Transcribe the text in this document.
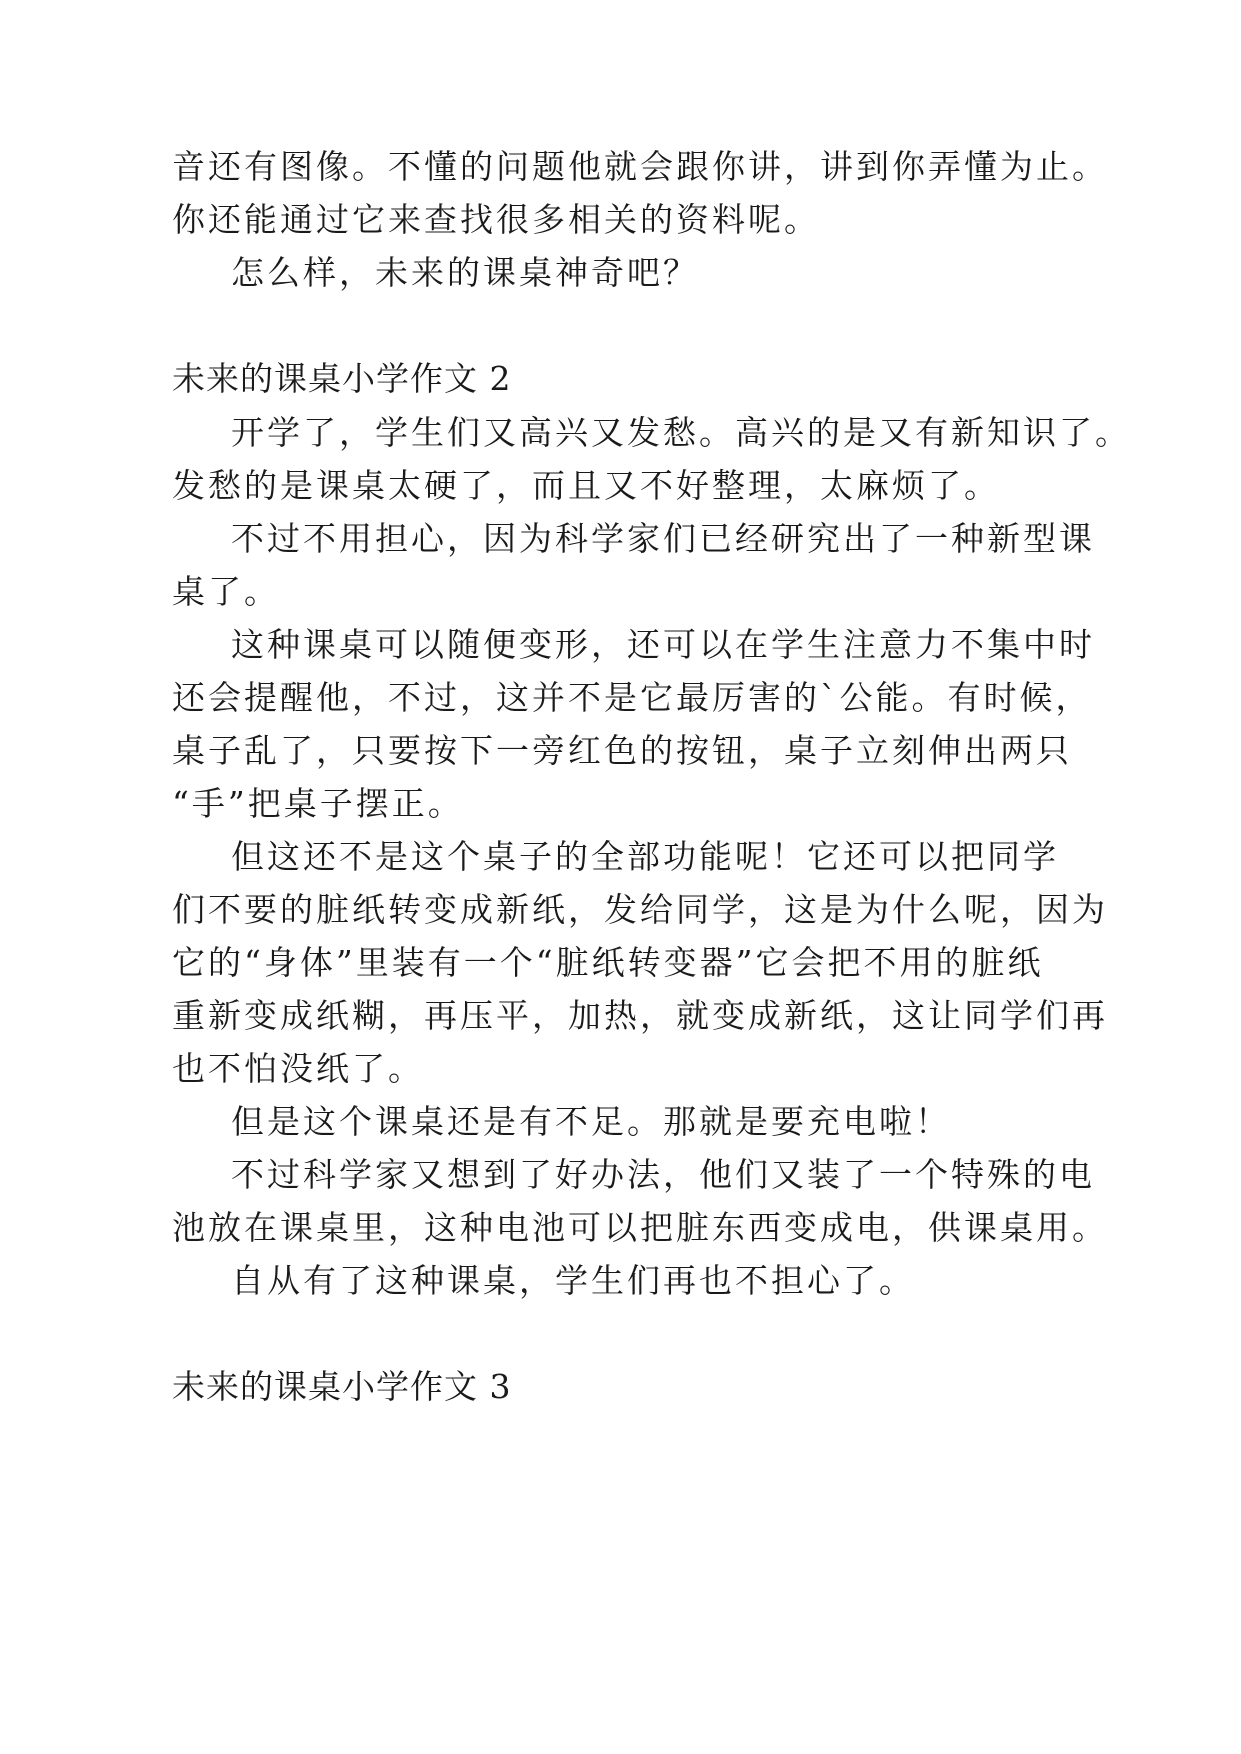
音还有图像。不懂的问题他就会跟你讲，讲到你弄懂为止。
你还能通过它来查找很多相关的资料呢。
怎么样，未来的课桌神奇吧？
未来的课桌小学作文 2
开学了，学生们又高兴又发愁。高兴的是又有新知识了。
发愁的是课桌太硬了，而且又不好整理，太麻烦了。
不过不用担心，因为科学家们已经研究出了一种新型课
桌了。
这种课桌可以随便变形，还可以在学生注意力不集中时
还会提醒他，不过，这并不是它最厉害的`公能。有时候，
桌子乱了，只要按下一旁红色的按钮，桌子立刻伸出两只
“手”把桌子摆正。
但这还不是这个桌子的全部功能呢！它还可以把同学
们不要的脏纸转变成新纸，发给同学，这是为什么呢，因为
它的“身体”里装有一个“脏纸转变器”它会把不用的脏纸
重新变成纸糊，再压平，加热，就变成新纸，这让同学们再
也不怕没纸了。
但是这个课桌还是有不足。那就是要充电啦！
不过科学家又想到了好办法，他们又装了一个特殊的电
池放在课桌里，这种电池可以把脏东西变成电，供课桌用。
自从有了这种课桌，学生们再也不担心了。
未来的课桌小学作文 3
